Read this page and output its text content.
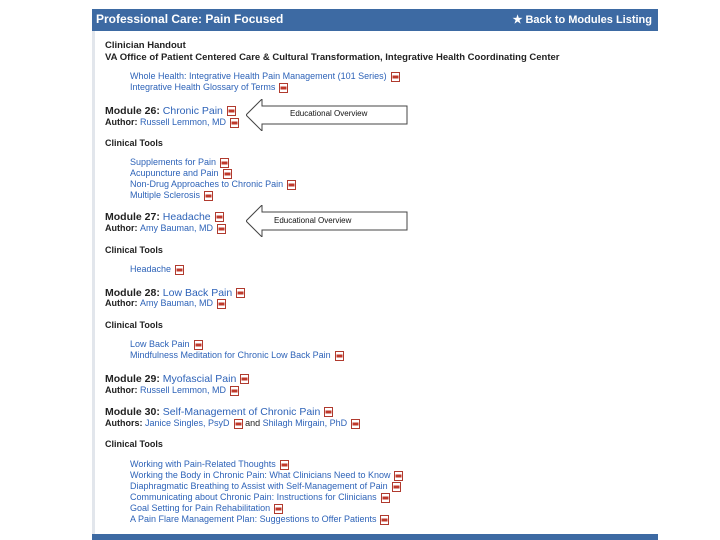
Professional Care: Pain Focused	★ Back to Modules Listing
Clinician Handout
VA Office of Patient Centered Care & Cultural Transformation, Integrative Health Coordinating Center
Whole Health: Integrative Health Pain Management (101 Series)
Integrative Health Glossary of Terms
Module 26: Chronic Pain
Author: Russell Lemmon, MD
Clinical Tools
Supplements for Pain
Acupuncture and Pain
Non-Drug Approaches to Chronic Pain
Multiple Sclerosis
Module 27: Headache
Author: Amy Bauman, MD
Clinical Tools
Headache
Module 28: Low Back Pain
Author: Amy Bauman, MD
Clinical Tools
Low Back Pain
Mindfulness Meditation for Chronic Low Back Pain
Module 29: Myofascial Pain
Author: Russell Lemmon, MD
Module 30: Self-Management of Chronic Pain
Authors: Janice Singles, PsyD and Shilagh Mirgain, PhD
Clinical Tools
Working with Pain-Related Thoughts
Working the Body in Chronic Pain: What Clinicians Need to Know
Diaphragmatic Breathing to Assist with Self-Management of Pain
Communicating about Chronic Pain: Instructions for Clinicians
Goal Setting for Pain Rehabilitation
A Pain Flare Management Plan: Suggestions to Offer Patients
Educational Overview
Educational Overview
